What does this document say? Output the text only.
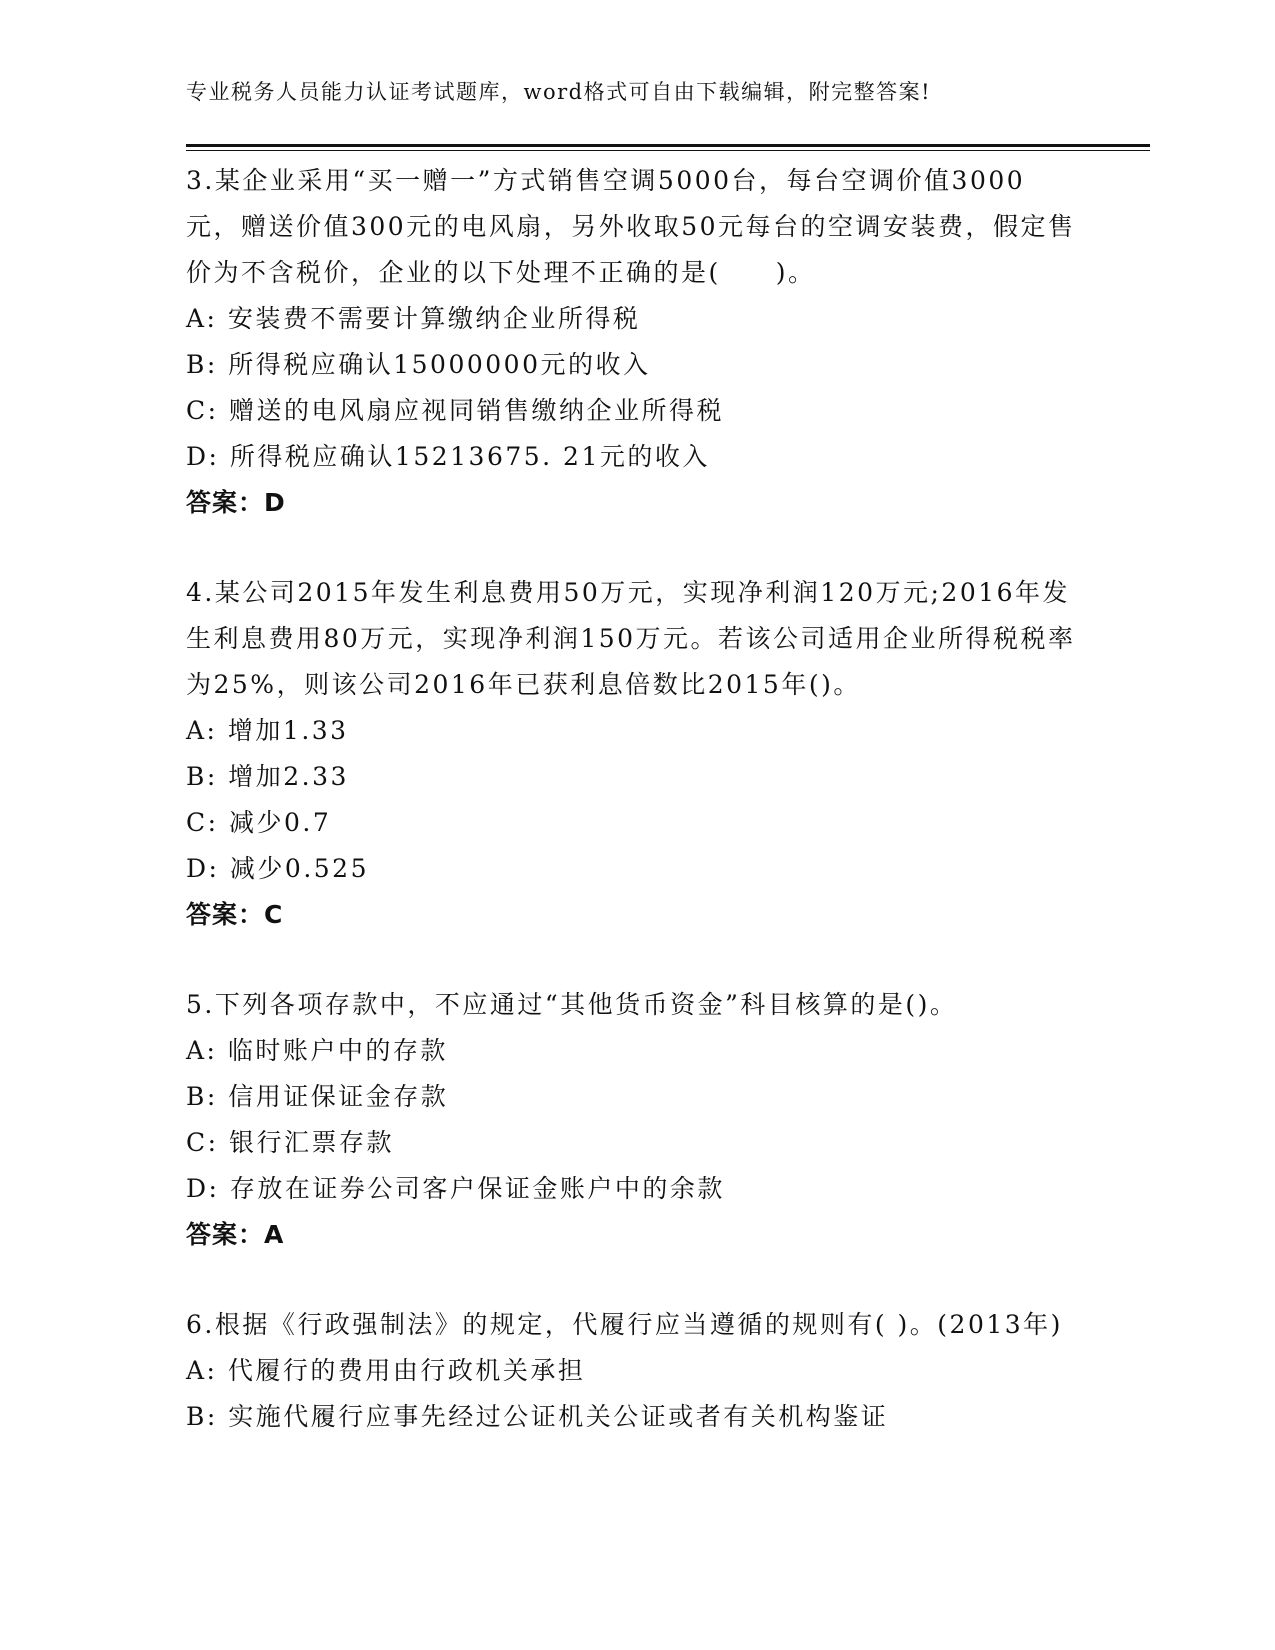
专业税务人员能力认证考试题库，word格式可自由下载编辑，附完整答案!
3.某企业采用“买一赠一”方式销售空调5000台，每台空调价值3000元，赠送价值300元的电风扇，另外收取50元每台的空调安装费，假定售价为不含税价，企业的以下处理不正确的是(　　)。
A: 安装费不需要计算缴纳企业所得税
B: 所得税应确认15000000元的收入
C: 赠送的电风扇应视同销售缴纳企业所得税
D: 所得税应确认15213675. 21元的收入
答案：D
4.某公司2015年发生利息费用50万元，实现净利润120万元;2016年发生利息费用80万元，实现净利润150万元。若该公司适用企业所得税税率为25%，则该公司2016年已获利息倍数比2015年()。
A: 增加1.33
B: 增加2.33
C: 减少0.7
D: 减少0.525
答案：C
5.下列各项存款中，不应通过“其他货币资金”科目核算的是()。
A: 临时账户中的存款
B: 信用证保证金存款
C: 银行汇票存款
D: 存放在证券公司客户保证金账户中的余款
答案：A
6.根据《行政强制法》的规定，代履行应当遵循的规则有( )。(2013年)
A: 代履行的费用由行政机关承担
B: 实施代履行应事先经过公证机关公证或者有关机构鉴证
